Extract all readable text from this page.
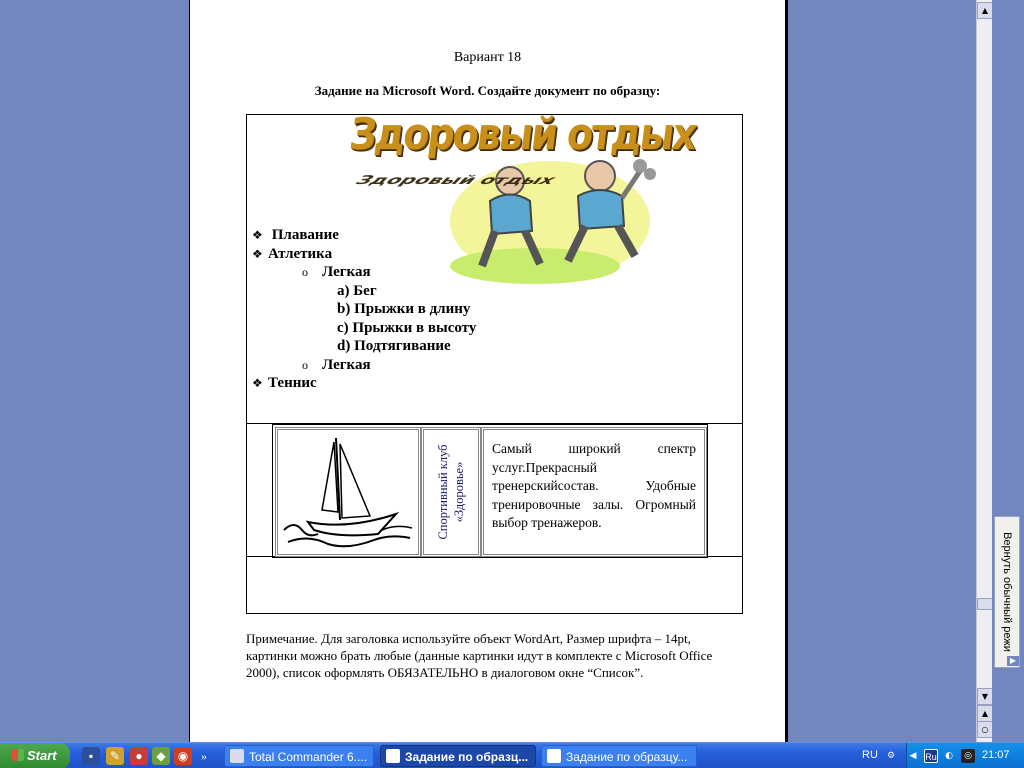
Вариант 18
Задание на Microsoft Word. Создайте документ по образцу:
Здоровый отдых
Здоровый отдых
❖ Плавание
❖ Атлетика
o Легкая
a) Бег
b) Прыжки в длину
c) Прыжки в высоту
d) Подтягивание
o Легкая
❖ Теннис
Спортивный клуб «Здоровье»
Самый широкий спектр услуг.Прекрасный тренерскийсостав. Удобные тренировочные залы. Огромный выбор тренажеров.
Примечание. Для заголовка используйте объект WordArt, Размер шрифта – 14pt, картинки можно брать любые (данные картинки идут в комплекте с Microsoft Office 2000), список оформлять ОБЯЗАТЕЛЬНО в диалоговом окне “Список”.
▲
▼
▲
○
Вернуть обычный режи
▶
Start	▪	✎	●	◆	◉	»	Total Commander 6....	Задание по образц...	Задание по образцу...	RU	⚙	◀ Ru ◐	◎ 21:07
